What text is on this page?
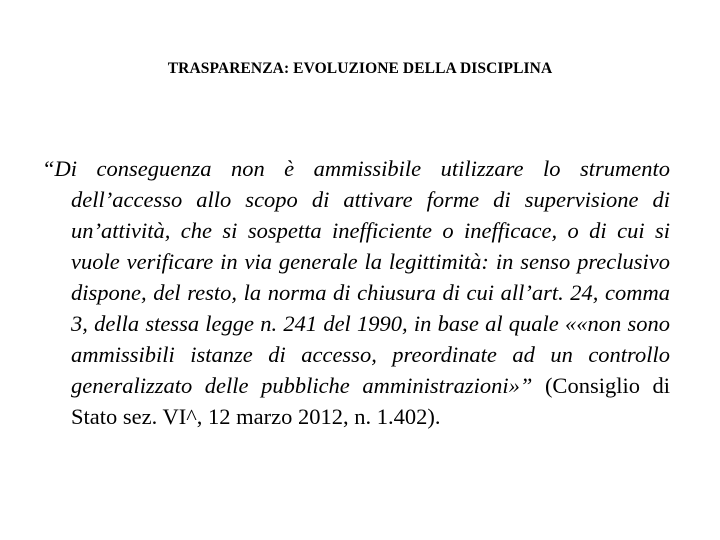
TRASPARENZA: EVOLUZIONE DELLA DISCIPLINA

“Di conseguenza non è ammissibile utilizzare lo strumento dell’accesso allo scopo di attivare forme di supervisione di un’attività, che si sospetta inefficiente o inefficace, o di cui si vuole verificare in via generale la legittimità: in senso preclusivo dispone, del resto, la norma di chiusura di cui all’art. 24, comma 3, della stessa legge n. 241 del 1990, in base al quale ««non sono ammissibili istanze di accesso, preordinate ad un controllo generalizzato delle pubbliche amministrazioni»” (Consiglio di Stato sez. VI^, 12 marzo 2012, n. 1.402).
